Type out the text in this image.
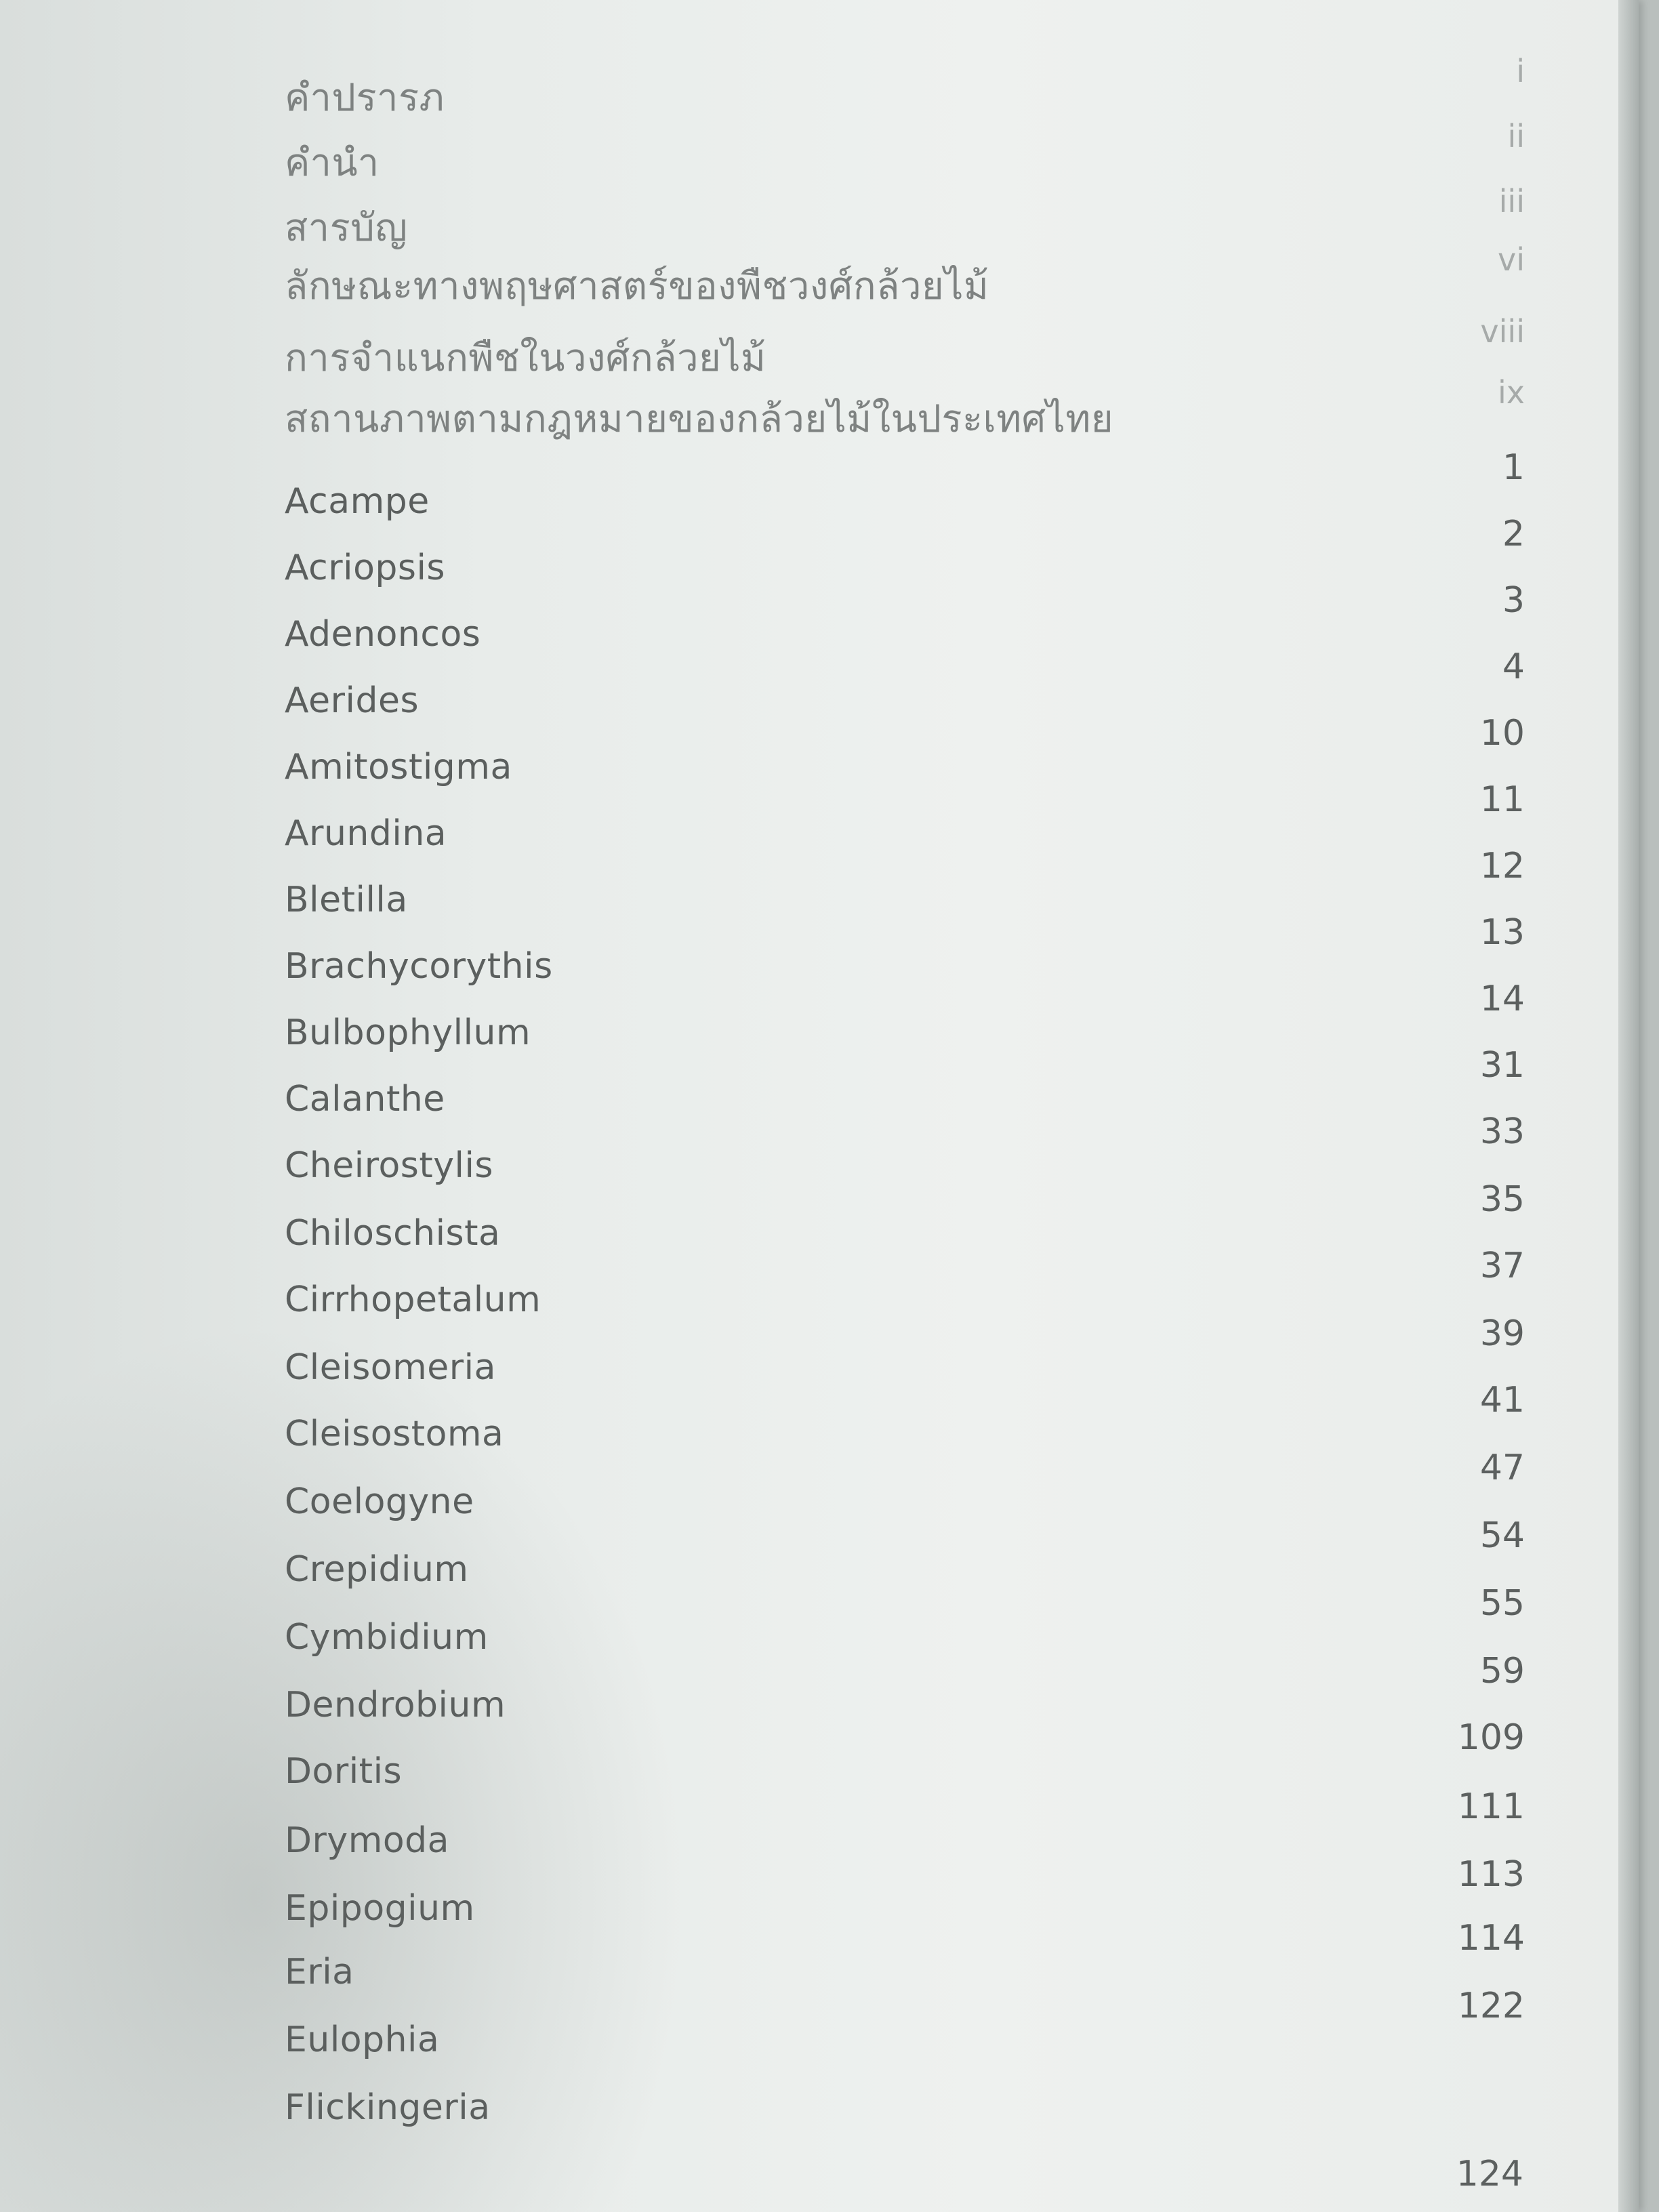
คำปรารภ
i
คำนำ
ii
สารบัญ
iii
ลักษณะทางพฤษศาสตร์ของพืชวงศ์กล้วยไม้
vi
การจำแนกพืชในวงศ์กล้วยไม้
viii
สถานภาพตามกฎหมายของกล้วยไม้ในประเทศไทย
ix
Acampe
1
Acriopsis
2
Adenoncos
3
Aerides
4
Amitostigma
10
Arundina
11
Bletilla
12
Brachycorythis
13
Bulbophyllum
14
Calanthe
31
Cheirostylis
33
Chiloschista
35
Cirrhopetalum
37
Cleisomeria
39
Cleisostoma
41
Coelogyne
47
Crepidium
54
Cymbidium
55
Dendrobium
59
Doritis
109
Drymoda
111
Epipogium
113
Eria
114
Eulophia
122
Flickingeria
124
